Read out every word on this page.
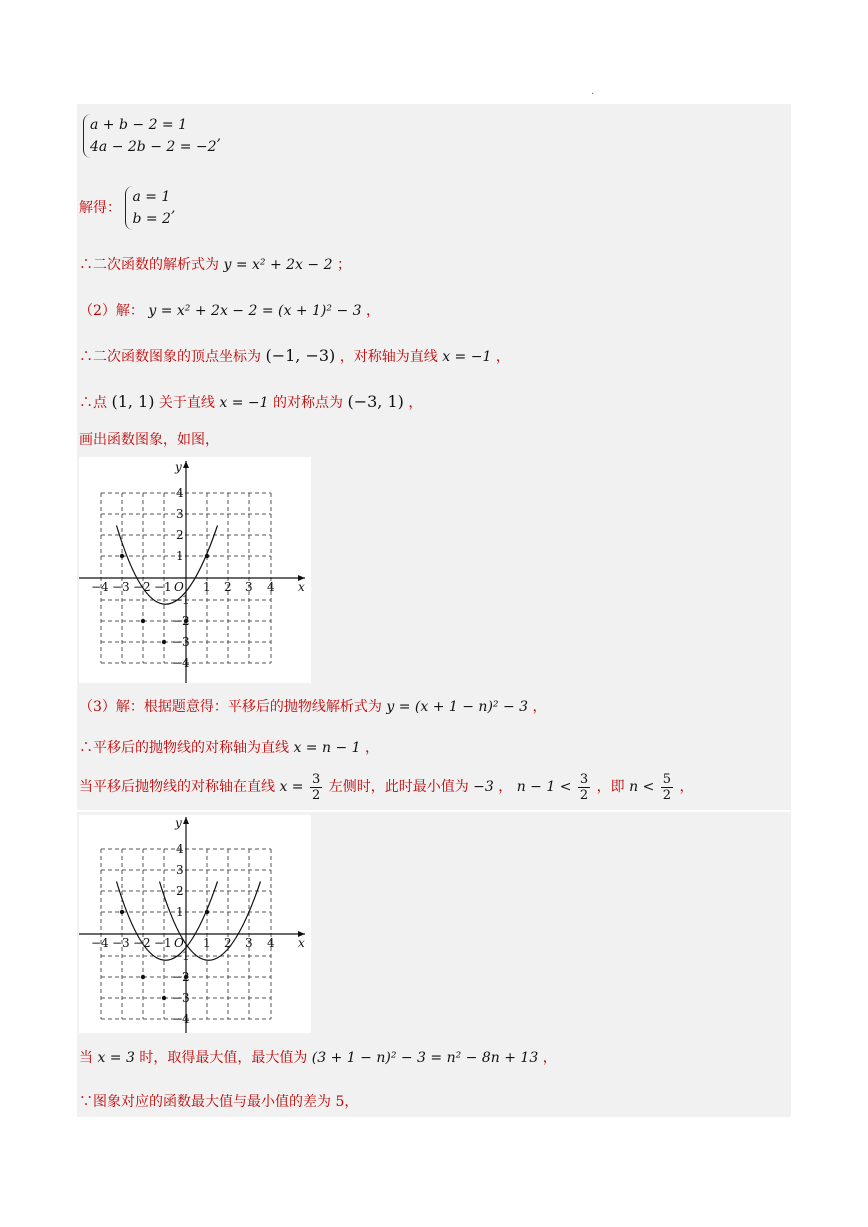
.
a + b − 2 = 1
4a − 2b − 2 = −2
,
解得：
a = 1
b = 2
,
∴二次函数的解析式为 y = x² + 2x − 2 ；
（2）解： y = x² + 2x − 2 = (x + 1)² − 3 ，
∴二次函数图象的顶点坐标为 (−1, −3) ，对称轴为直线 x = −1 ，
∴点 (1, 1) 关于直线 x = −1 的对称点为 (−3, 1) ，
画出函数图象，如图，
x
y
O
−4 −3 −2 −1	1 2 3 4
4
3
2
1
−1
−2
−3
−4
（3）解：根据题意得：平移后的抛物线解析式为 y = (x + 1 − n)² − 3 ，
∴平移后的抛物线的对称轴为直线 x = n − 1 ，
当平移后抛物线的对称轴在直线 $x = \frac{3}{2}$ 左侧时，此时最小值为 −3 ， $n - 1 < \frac{3}{2}$ ，即 $n < \frac{5}{2}$ ，
x
y
O
−4 −3 −2 −1	1 2 3 4
4
3
2
1
−1
−2
−3
−4
当 x = 3 时，取得最大值，最大值为 (3 + 1 − n)² − 3 = n² − 8n + 13 ，
∵图象对应的函数最大值与最小值的差为 5，
